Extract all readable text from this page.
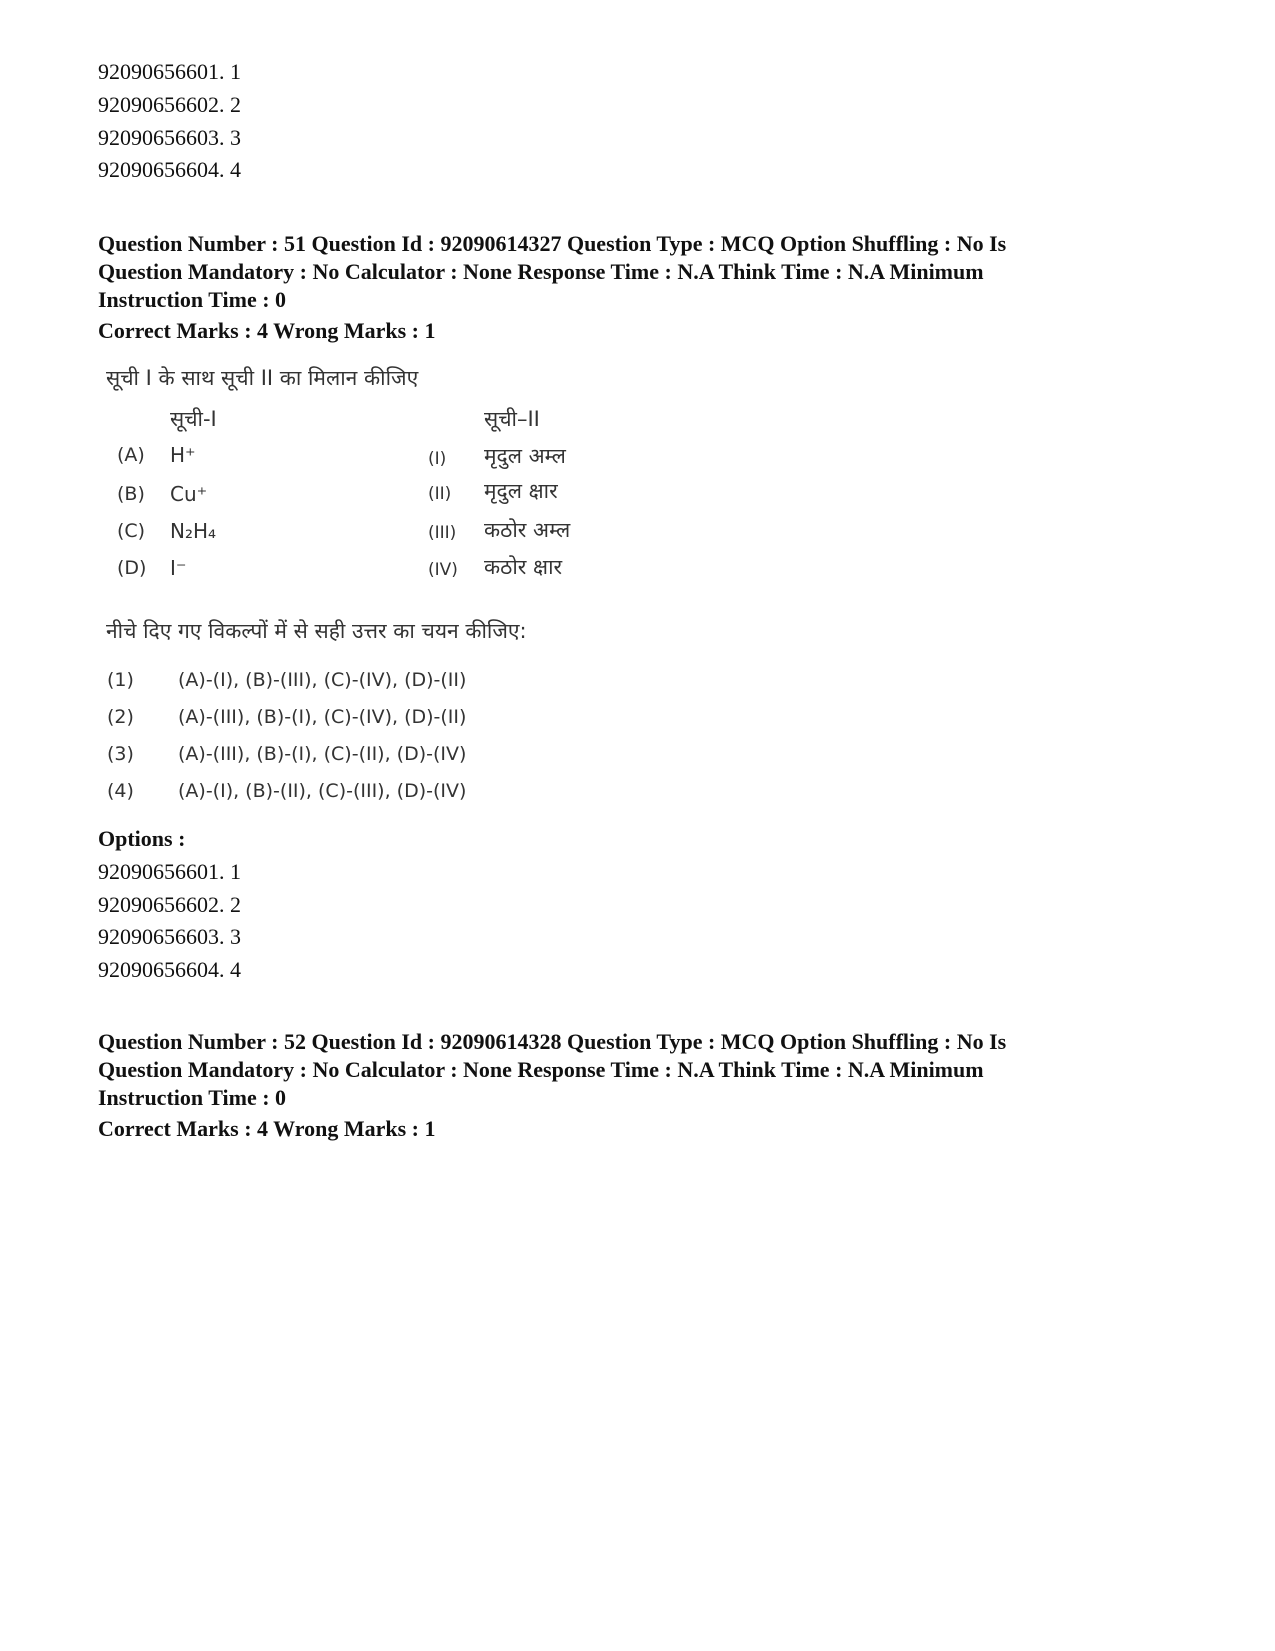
92090656601. 1
92090656602. 2
92090656603. 3
92090656604. 4
Question Number : 51 Question Id : 92090614327 Question Type : MCQ Option Shuffling : No Is
Question Mandatory : No Calculator : None Response Time : N.A Think Time : N.A Minimum
Instruction Time : 0
Correct Marks : 4 Wrong Marks : 1
सूची I के साथ सूची II का मिलान कीजिए
सूची-I	सूची–II
(A) H⁺
(B) Cu⁺
(C) N₂H₄
(D) I⁻
(I) मृदुल अम्ल
(II) मृदुल क्षार
(III) कठोर अम्ल
(IV) कठोर क्षार
नीचे दिए गए विकल्पों में से सही उत्तर का चयन कीजिए:
(1) (A)-(I), (B)-(III), (C)-(IV), (D)-(II)
(2) (A)-(III), (B)-(I), (C)-(IV), (D)-(II)
(3) (A)-(III), (B)-(I), (C)-(II), (D)-(IV)
(4) (A)-(I), (B)-(II), (C)-(III), (D)-(IV)
Options :
92090656601. 1
92090656602. 2
92090656603. 3
92090656604. 4
Question Number : 52 Question Id : 92090614328 Question Type : MCQ Option Shuffling : No Is
Question Mandatory : No Calculator : None Response Time : N.A Think Time : N.A Minimum
Instruction Time : 0
Correct Marks : 4 Wrong Marks : 1
